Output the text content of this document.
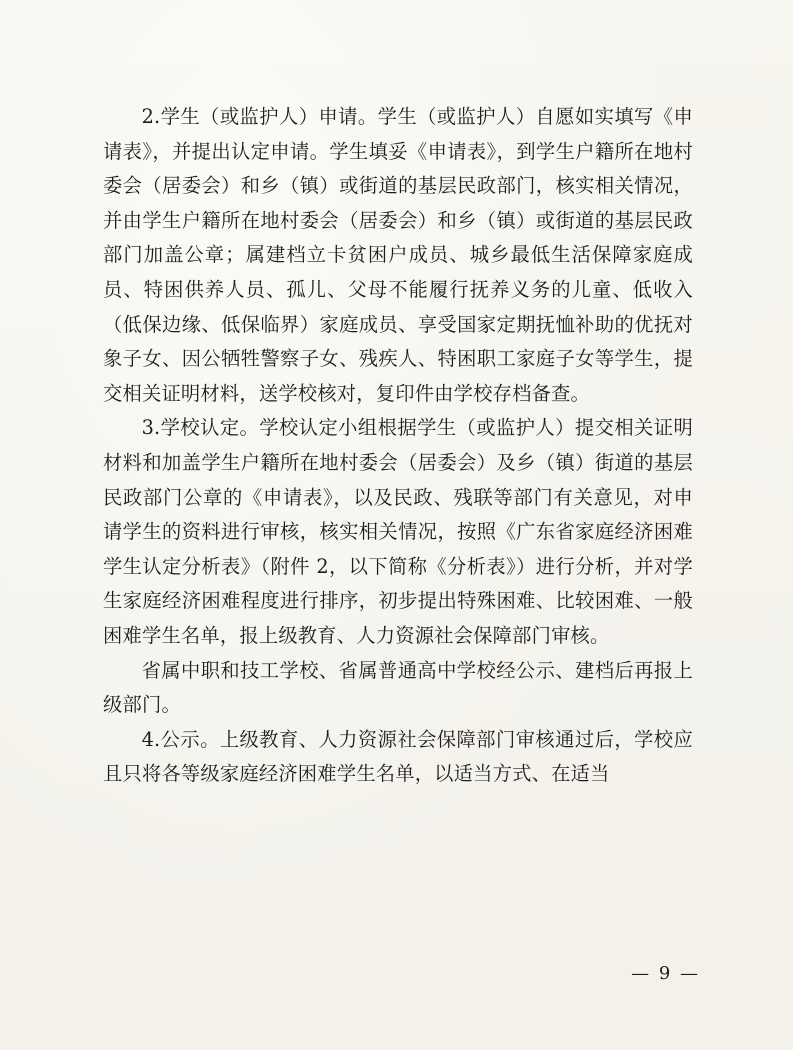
2.学生（或监护人）申请。学生（或监护人）自愿如实填写《申请表》，并提出认定申请。学生填妥《申请表》，到学生户籍所在地村委会（居委会）和乡（镇）或街道的基层民政部门，核实相关情况，并由学生户籍所在地村委会（居委会）和乡（镇）或街道的基层民政部门加盖公章；属建档立卡贫困户成员、城乡最低生活保障家庭成员、特困供养人员、孤儿、父母不能履行抚养义务的儿童、低收入（低保边缘、低保临界）家庭成员、享受国家定期抚恤补助的优抚对象子女、因公牺牲警察子女、残疾人、特困职工家庭子女等学生，提交相关证明材料，送学校核对，复印件由学校存档备查。

3.学校认定。学校认定小组根据学生（或监护人）提交相关证明材料和加盖学生户籍所在地村委会（居委会）及乡（镇）街道的基层民政部门公章的《申请表》，以及民政、残联等部门有关意见，对申请学生的资料进行审核，核实相关情况，按照《广东省家庭经济困难学生认定分析表》（附件 2，以下简称《分析表》）进行分析，并对学生家庭经济困难程度进行排序，初步提出特殊困难、比较困难、一般困难学生名单，报上级教育、人力资源社会保障部门审核。

省属中职和技工学校、省属普通高中学校经公示、建档后再报上级部门。

4.公示。上级教育、人力资源社会保障部门审核通过后，学校应且只将各等级家庭经济困难学生名单，以适当方式、在适当

— 9 —
